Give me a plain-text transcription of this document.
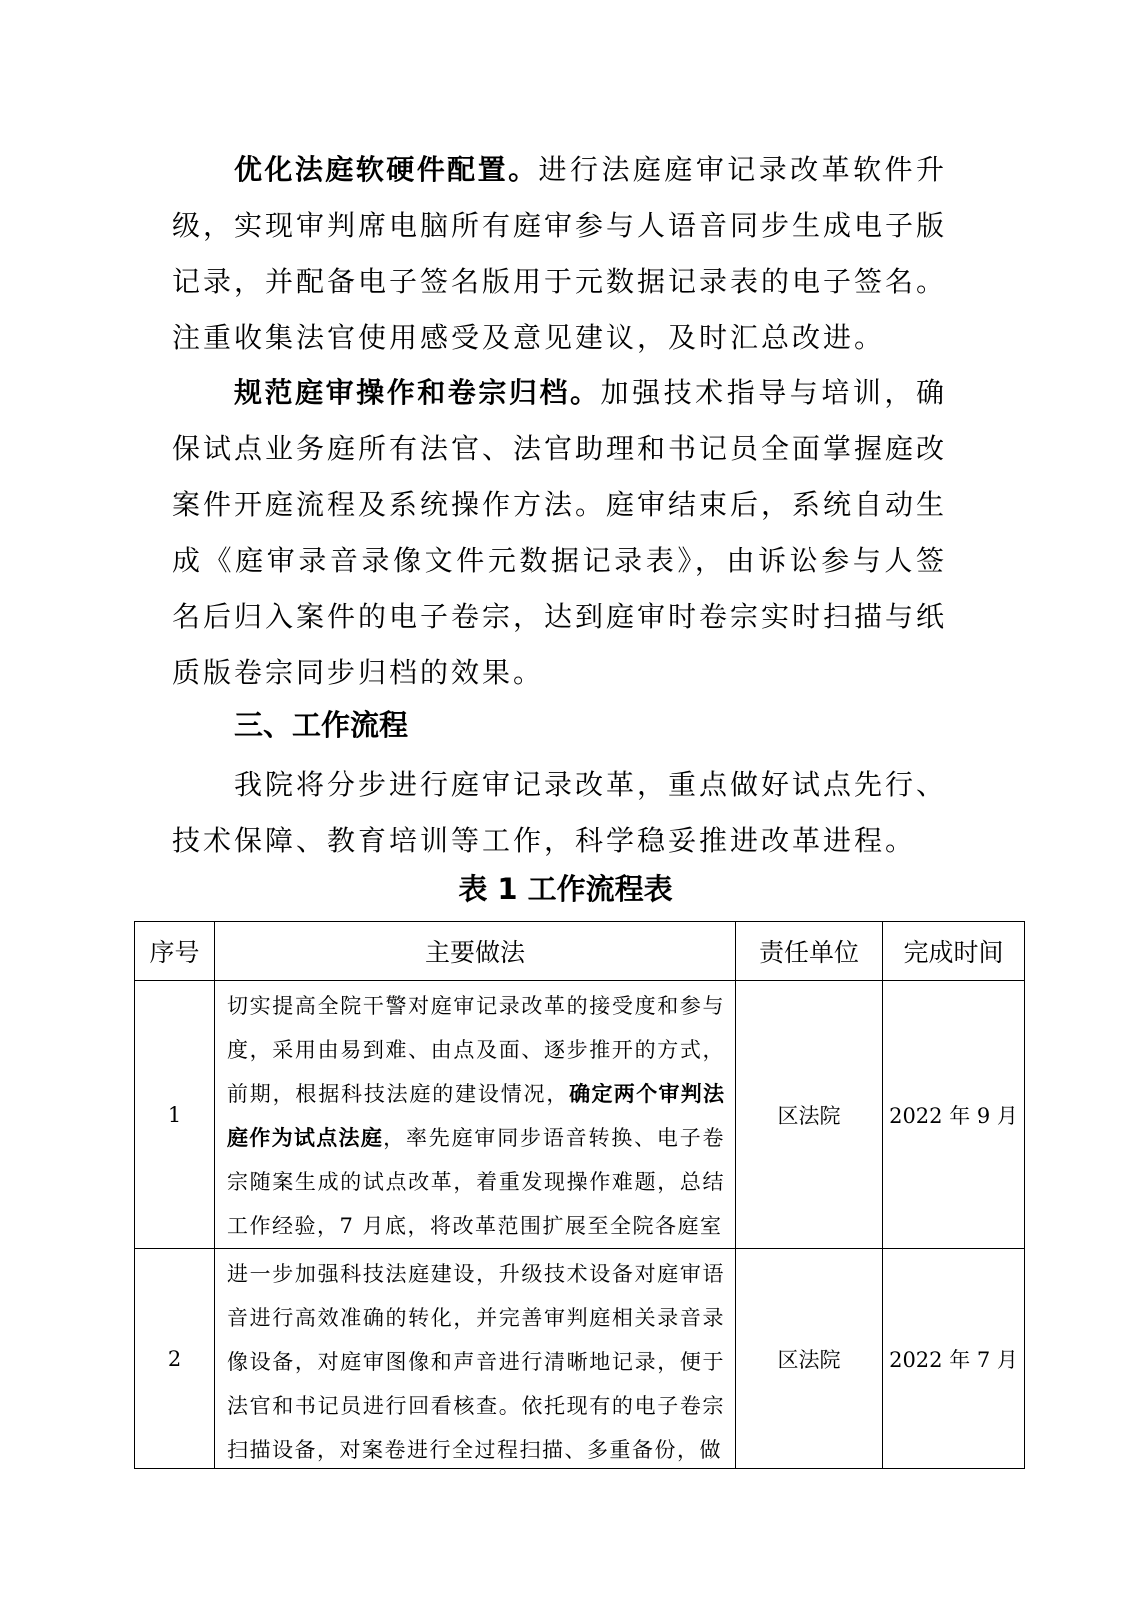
优化法庭软硬件配置。进行法庭庭审记录改革软件升级，实现审判席电脑所有庭审参与人语音同步生成电子版记录，并配备电子签名版用于元数据记录表的电子签名。注重收集法官使用感受及意见建议，及时汇总改进。

规范庭审操作和卷宗归档。加强技术指导与培训，确保试点业务庭所有法官、法官助理和书记员全面掌握庭改案件开庭流程及系统操作方法。庭审结束后，系统自动生成《庭审录音录像文件元数据记录表》，由诉讼参与人签名后归入案件的电子卷宗，达到庭审时卷宗实时扫描与纸质版卷宗同步归档的效果。

三、工作流程

我院将分步进行庭审记录改革，重点做好试点先行、技术保障、教育培训等工作，科学稳妥推进改革进程。

表 1 工作流程表
序号	主要做法	责任单位	完成时间
1	切实提高全院干警对庭审记录改革的接受度和参与度，采用由易到难、由点及面、逐步推开的方式，前期，根据科技法庭的建设情况，确定两个审判法庭作为试点法庭，率先庭审同步语音转换、电子卷宗随案生成的试点改革，着重发现操作难题，总结工作经验，7 月底，将改革范围扩展至全院各庭室	区法院	2022 年 9 月
2	进一步加强科技法庭建设，升级技术设备对庭审语音进行高效准确的转化，并完善审判庭相关录音录像设备，对庭审图像和声音进行清晰地记录，便于法官和书记员进行回看核查。依托现有的电子卷宗扫描设备，对案卷进行全过程扫描、多重备份，做	区法院	2022 年 7 月
